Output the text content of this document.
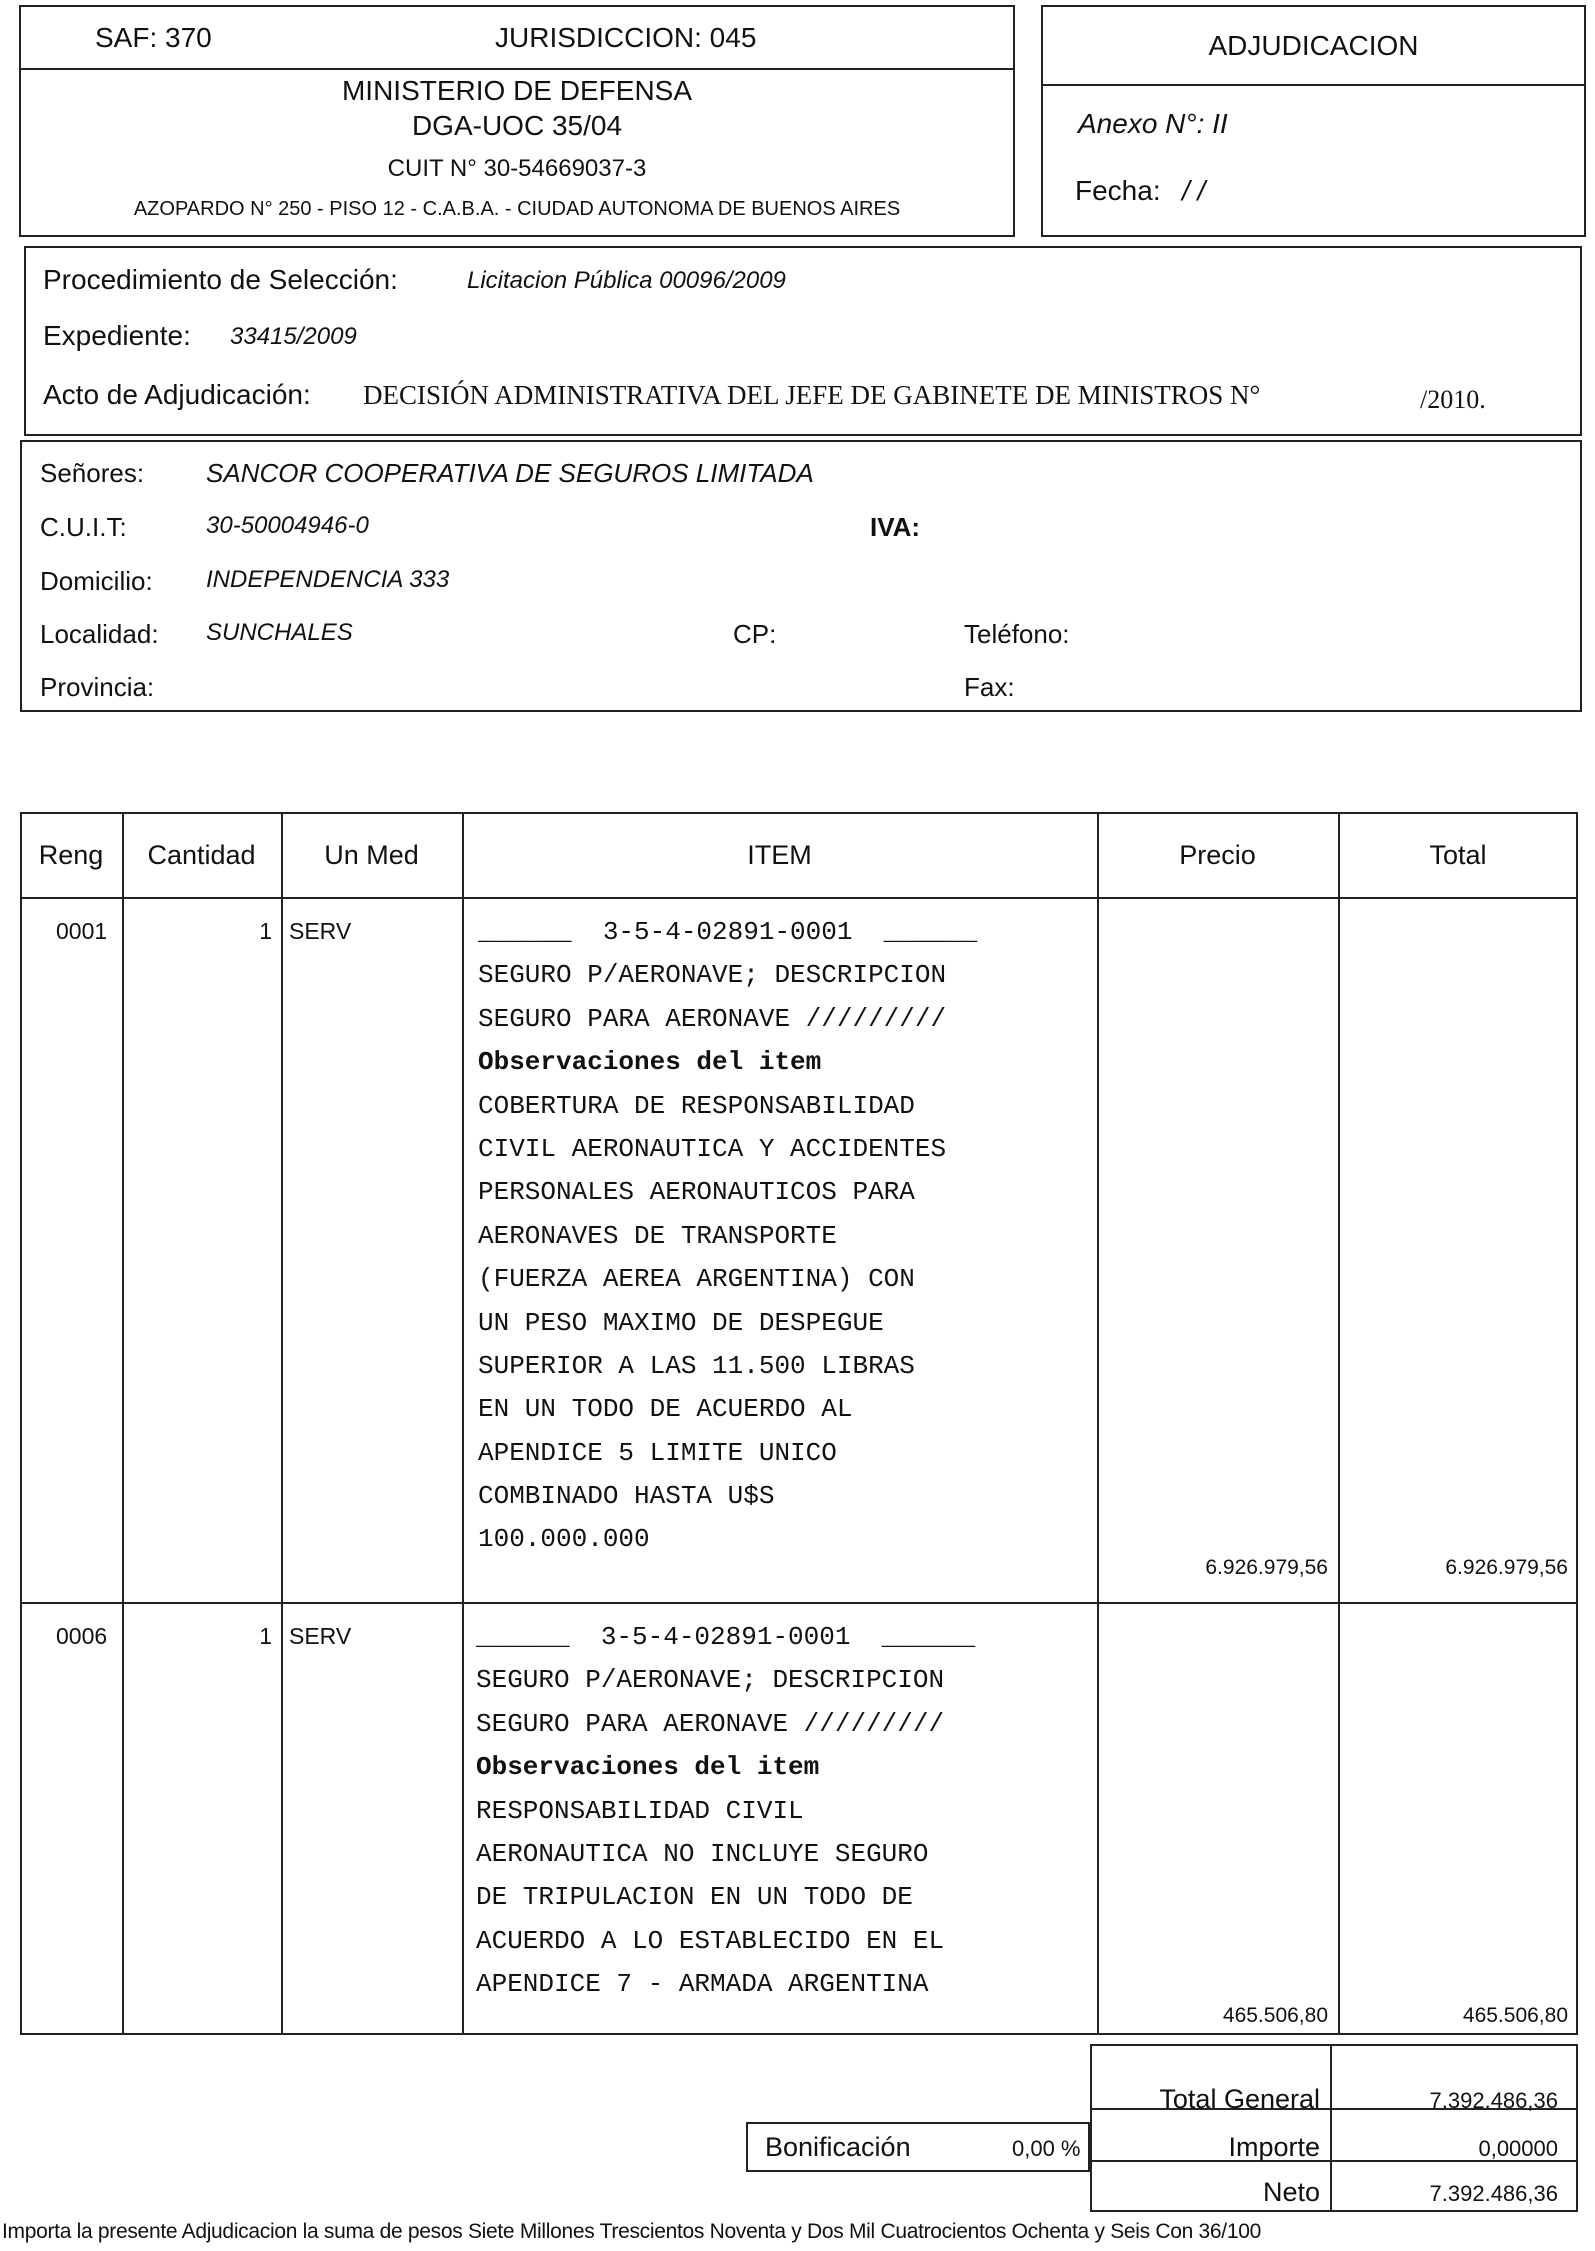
SAF: 370	JURISDICCION: 045
MINISTERIO DE DEFENSA
DGA-UOC 35/04
CUIT N° 30-54669037-3
AZOPARDO N° 250 - PISO 12 - C.A.B.A. - CIUDAD AUTONOMA DE BUENOS AIRES
ADJUDICACION
Anexo N°: II
Fecha: / /
Procedimiento de Selección:	Licitacion Pública 00096/2009
Expediente: 33415/2009
Acto de Adjudicación: DECISIÓN ADMINISTRATIVA DEL JEFE DE GABINETE DE MINISTROS N°	/2010.
Señores: SANCOR COOPERATIVA DE SEGUROS LIMITADA
C.U.I.T:	30-50004946-0	IVA:
Domicilio: INDEPENDENCIA 333
Localidad: SUNCHALES	CP:	Teléfono:
Provincia:	Fax:
Reng	Cantidad	Un Med	ITEM	Precio	Total
0001	1 SERV	______  3-5-4-02891-0001  ______
SEGURO P/AERONAVE; DESCRIPCION
SEGURO PARA AERONAVE /////////
Observaciones del item
COBERTURA DE RESPONSABILIDAD
CIVIL AERONAUTICA Y ACCIDENTES
PERSONALES AERONAUTICOS PARA
AERONAVES DE TRANSPORTE
(FUERZA AEREA ARGENTINA) CON
UN PESO MAXIMO DE DESPEGUE
SUPERIOR A LAS 11.500 LIBRAS
EN UN TODO DE ACUERDO AL
APENDICE 5 LIMITE UNICO
COMBINADO HASTA U$S
100.000.000
6.926.979,56	6.926.979,56
0006	1 SERV	______  3-5-4-02891-0001  ______
SEGURO P/AERONAVE; DESCRIPCION
SEGURO PARA AERONAVE /////////
Observaciones del item
RESPONSABILIDAD CIVIL
AERONAUTICA NO INCLUYE SEGURO
DE TRIPULACION EN UN TODO DE
ACUERDO A LO ESTABLECIDO EN EL
APENDICE 7 - ARMADA ARGENTINA
465.506,80	465.506,80
Total General	7.392.486,36
Importe	0,00000
Neto	7.392.486,36
Bonificación	0,00 %
Importa la presente Adjudicacion la suma de pesos Siete Millones Trescientos Noventa y Dos Mil Cuatrocientos Ochenta y Seis Con 36/100
